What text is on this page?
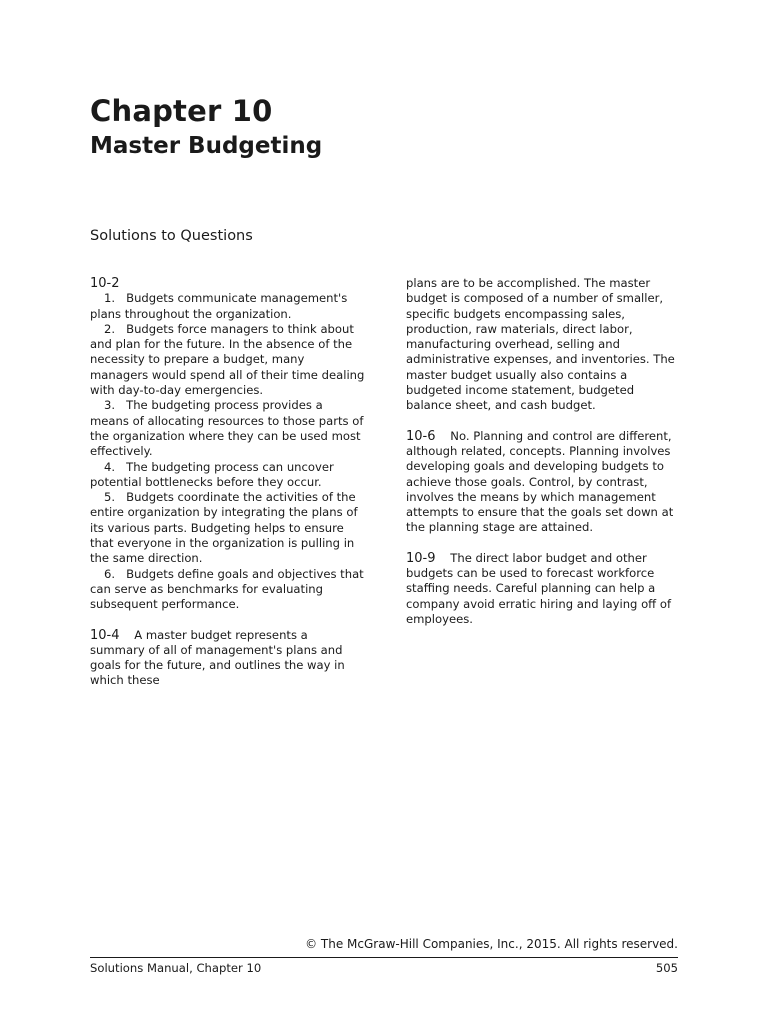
Chapter 10
Master Budgeting
Solutions to Questions
10-2

1.   Budgets communicate management's plans throughout the organization.

2.   Budgets force managers to think about and plan for the future. In the absence of the necessity to prepare a budget, many managers would spend all of their time dealing with day-to-day emergencies.

3.   The budgeting process provides a means of allocating resources to those parts of the organization where they can be used most effectively.

4.   The budgeting process can uncover potential bottlenecks before they occur.

5.   Budgets coordinate the activities of the entire organization by integrating the plans of its various parts. Budgeting helps to ensure that everyone in the organization is pulling in the same direction.

6.   Budgets define goals and objectives that can serve as benchmarks for evaluating subsequent performance.

10-4 A master budget represents a summary of all of management's plans and goals for the future, and outlines the way in which these

plans are to be accomplished. The master budget is composed of a number of smaller, specific budgets encompassing sales, production, raw materials, direct labor, manufacturing overhead, selling and administrative expenses, and inventories. The master budget usually also contains a budgeted income statement, budgeted balance sheet, and cash budget.

10-6 No. Planning and control are different, although related, concepts. Planning involves developing goals and developing budgets to achieve those goals. Control, by contrast, involves the means by which management attempts to ensure that the goals set down at the planning stage are attained.

10-9 The direct labor budget and other budgets can be used to forecast workforce staffing needs. Careful planning can help a company avoid erratic hiring and laying off of employees.

© The McGraw-Hill Companies, Inc., 2015. All rights reserved.
Solutions Manual, Chapter 10	505
